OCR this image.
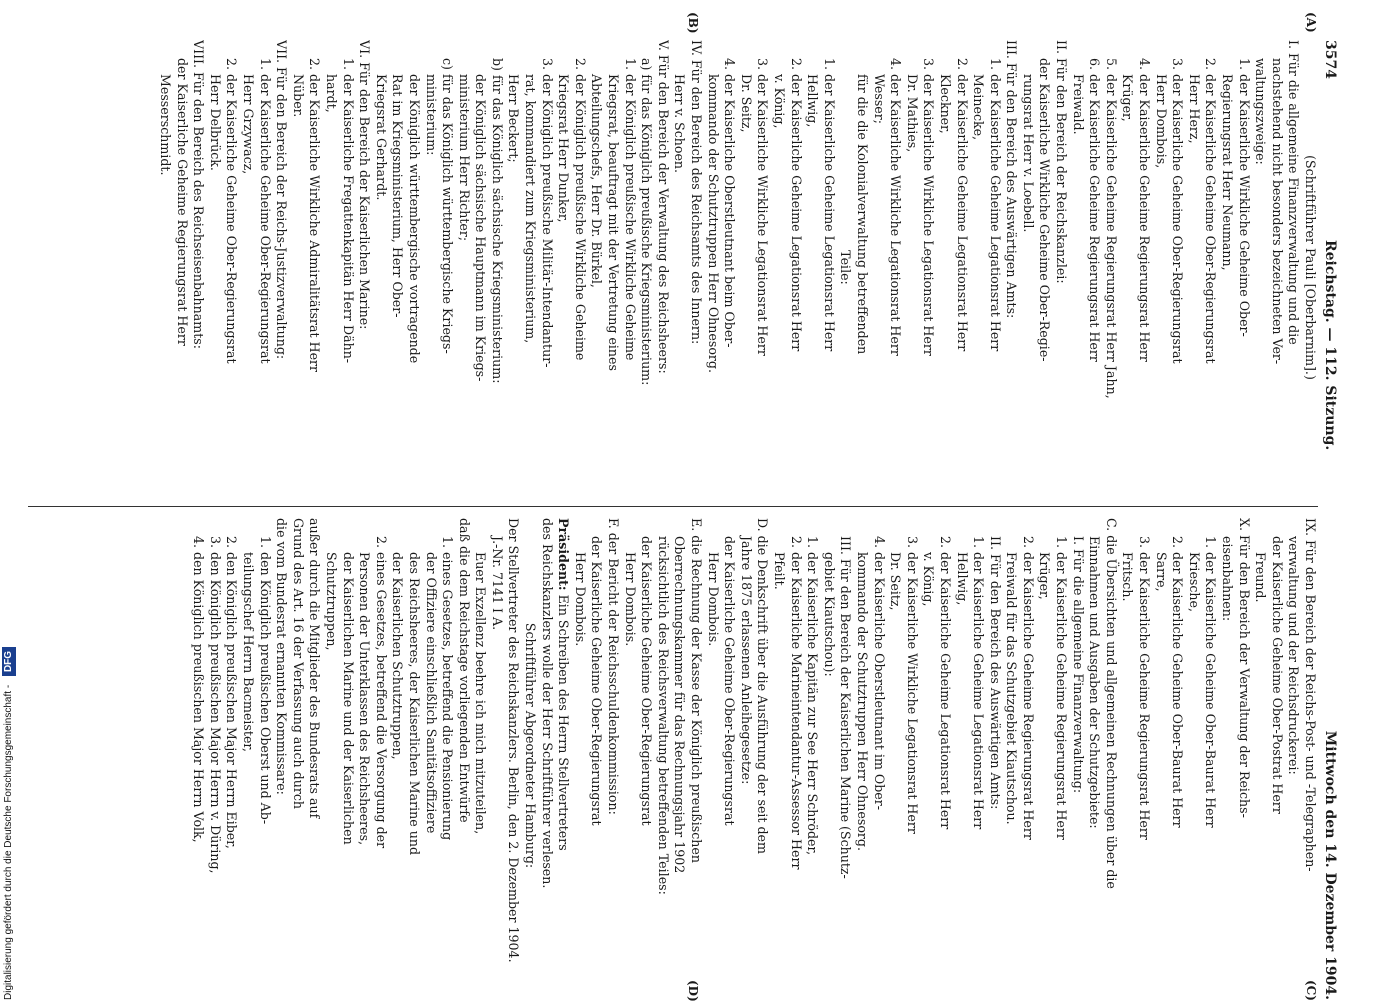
3574
Reichstag. — 112. Sitzung.
Mittwoch den 14. Dezember 1904.
(A)
(B)
(C)
(D)
(Schriftführer Pauli [Oberbarnim].)
I. Für die allgemeine Finanzverwaltung und die
nachstehend nicht besonders bezeichneten Ver-
waltungszweige:
1. der Kaiserliche Wirkliche Geheime Ober-
Regierungsrat Herr Neumann,
2. der Kaiserliche Geheime Ober-Regierungsrat
Herr Herz,
3. der Kaiserliche Geheime Ober-Regierungsrat
Herr Dombois,
4. der Kaiserliche Geheime Regierungsrat Herr
Krüger,
5. der Kaiserliche Geheime Regierungsrat Herr Jahn,
6. der Kaiserliche Geheime Regierungsrat Herr
Freiwald.
II. Für den Bereich der Reichskanzlei:
der Kaiserliche Wirkliche Geheime Ober-Regie-
rungsrat Herr v. Loebell.
III. Für den Bereich des Auswärtigen Amts:
1. der Kaiserliche Geheime Legationsrat Herr
Meinecke,
2. der Kaiserliche Geheime Legationsrat Herr
Kleckner,
3. der Kaiserliche Wirkliche Legationsrat Herr
Dr. Mathies,
4. der Kaiserliche Wirkliche Legationsrat Herr
Wesser;
für die die Kolonialverwaltung betreffenden
Teile:
1. der Kaiserliche Geheime Legationsrat Herr
Hellwig,
2. der Kaiserliche Geheime Legationsrat Herr
v. König,
3. der Kaiserliche Wirkliche Legationsrat Herr
Dr. Seitz,
4. der Kaiserliche Oberstleutnant beim Ober-
kommando der Schutztruppen Herr Ohnesorg.
IV. Für den Bereich des Reichsamts des Innern:
Herr v. Schoen.
V. Für den Bereich der Verwaltung des Reichsheers:
a) für das Königlich preußische Kriegsministerium:
1. der Königlich preußische Wirkliche Geheime
Kriegsrat, beauftragt mit der Vertretung eines
Abteilungschefs, Herr Dr. Bürkel,
2. der Königlich preußische Wirkliche Geheime
Kriegsrat Herr Dunker,
3. der Königlich preußische Militär-Intendantur-
rat, kommandiert zum Kriegsministerium,
Herr Beckert;
b) für das Königlich sächsische Kriegsministerium:
der Königlich sächsische Hauptmann im Kriegs-
ministerium Herr Richter;
c) für das Königlich württembergische Kriegs-
ministerium:
der Königlich württembergische vortragende
Rat im Kriegsministerium, Herr Ober-
Kriegsrat Gerhardt.
VI. Für den Bereich der Kaiserlichen Marine:
1. der Kaiserliche Fregattenkapitän Herr Dähn-
hardt,
2. der Kaiserliche Wirkliche Admiralitätsrat Herr
Nüber.
VII. Für den Bereich der Reichs-Justizverwaltung:
1. der Kaiserliche Geheime Ober-Regierungsrat
Herr Grzywacz,
2. der Kaiserliche Geheime Ober-Regierungsrat
Herr Delbrück.
VIII. Für den Bereich des Reichseisenbahnamts:
der Kaiserliche Geheime Regierungsrat Herr
Messerschmidt.
IX. Für den Bereich der Reichs-Post- und -Telegraphen-
verwaltung und der Reichsdruckerei:
der Kaiserliche Geheime Ober-Postrat Herr
Freund.
X. Für den Bereich der Verwaltung der Reichs-
eisenbahnen:
1. der Kaiserliche Geheime Ober-Baurat Herr
Kriesche,
2. der Kaiserliche Geheime Ober-Baurat Herr
Sarre,
3. der Kaiserliche Geheime Regierungsrat Herr
Fritsch.
C. die Übersichten und allgemeinen Rechnungen über die
Einnahmen und Ausgaben der Schutzgebiete:
I. Für die allgemeine Finanzverwaltung:
1. der Kaiserliche Geheime Regierungsrat Herr
Krüger,
2. der Kaiserliche Geheime Regierungsrat Herr
Freiwald für das Schutzgebiet Kiautschou.
II. Für den Bereich des Auswärtigen Amts:
1. der Kaiserliche Geheime Legationsrat Herr
Hellwig,
2. der Kaiserliche Geheime Legationsrat Herr
v. König,
3. der Kaiserliche Wirkliche Legationsrat Herr
Dr. Seitz,
4. der Kaiserliche Oberstleutnant im Ober-
kommando der Schutztruppen Herr Ohnesorg.
III. Für den Bereich der Kaiserlichen Marine (Schutz-
gebiet Kiautschou):
1. der Kaiserliche Kapitän zur See Herr Schröder,
2. der Kaiserliche Marineintendantur-Assessor Herr
Pfeilt.
D. die Denkschrift über die Ausführung der seit dem
Jahre 1875 erlassenen Anleihegesetze:
der Kaiserliche Geheime Ober-Regierungsrat
Herr Dombois.
E. die Rechnung der Kasse der Königlich preußischen
Oberrechnungskammer für das Rechnungsjahr 1902
rücksichtlich des Reichsverwaltung betreffenden Teiles:
der Kaiserliche Geheime Ober-Regierungsrat
Herr Dombois.
F. der Bericht der Reichsschuldenkommission:
der Kaiserliche Geheime Ober-Regierungsrat
Herr Dombois.
Präsident: Ein Schreiben des Herrn Stellvertreters
des Reichskanzlers wolle der Herr Schriftführer verlesen.
Schriftführer Abgeordneter Hamburg:
Der Stellvertreter des Reichskanzlers. Berlin, den 2. Dezember 1904.
J.-Nr. 7141 I A.
Euer Exzellenz beehre ich mich mitzuteilen,
daß die dem Reichstage vorliegenden Entwürfe
1. eines Gesetzes, betreffend die Pensionierung
der Offiziere einschließlich Sanitätsoffiziere
des Reichsheeres, der Kaiserlichen Marine und
der Kaiserlichen Schutztruppen,
2. eines Gesetzes, betreffend die Versorgung der
Personen der Unterklassen des Reichsheeres,
der Kaiserlichen Marine und der Kaiserlichen
Schutztruppen,
außer durch die Mitglieder des Bundesrats auf
Grund des Art. 16 der Verfassung auch durch
die vom Bundesrat ernannten Kommissare:
1. den Königlich preußischen Oberst und Ab-
teilungschef Herrn Bacmeister,
2. den Königlich preußischen Major Herrn Eiber,
3. den Königlich preußischen Major Herrn v. Düring,
4. den Königlich preußischen Major Herrn Volk,
Digitalisierung gefördert durch die Deutsche Forschungsgemeinschaft - DFG
